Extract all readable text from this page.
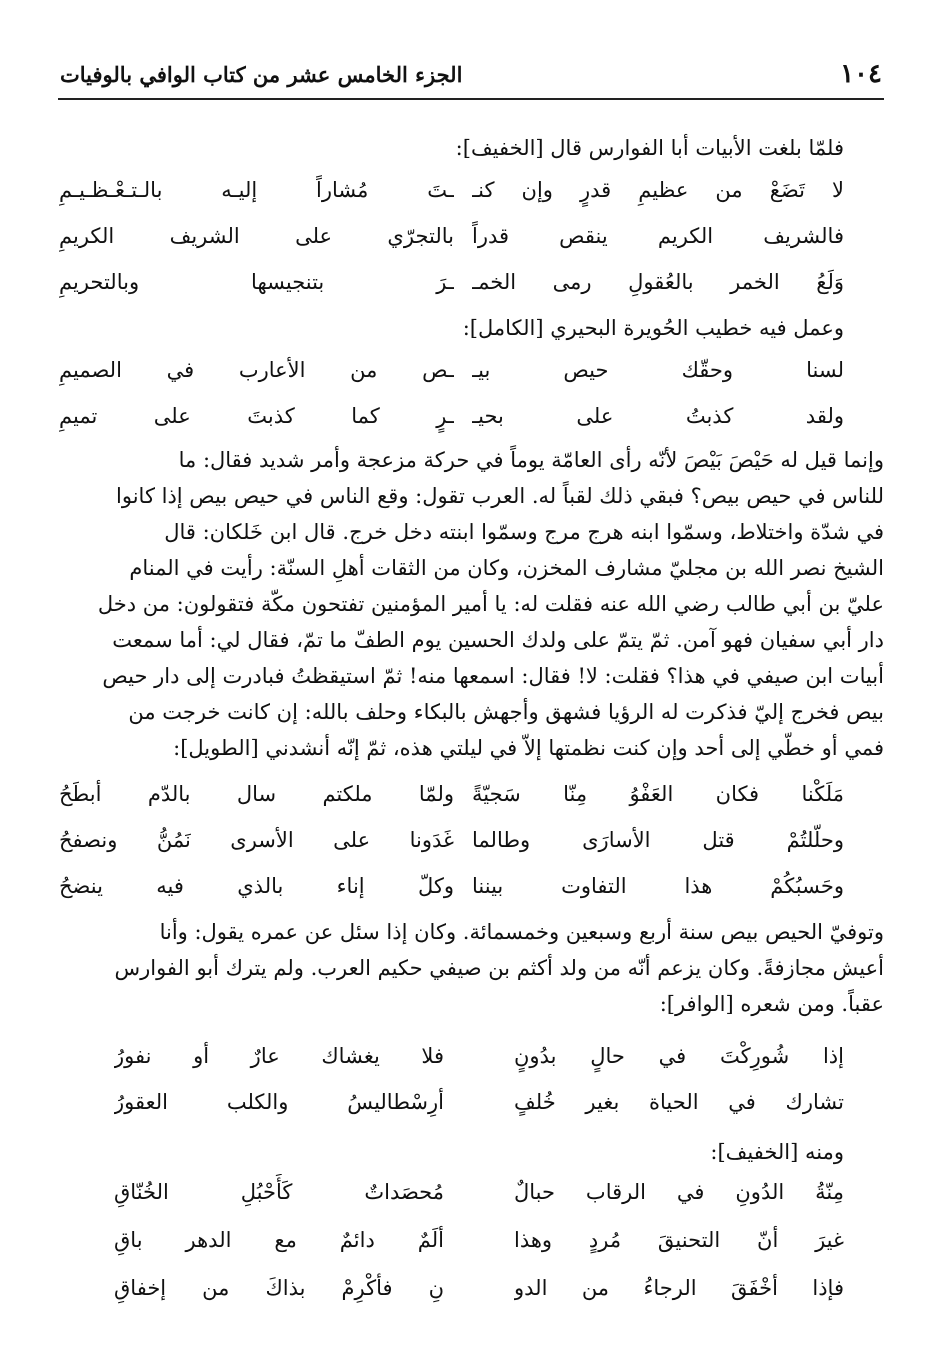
١٠٤
الجزء الخامس عشر من كتاب الوافي بالوفيات
فلمّا بلغت الأبيات أبا الفوارس قال [الخفيف]:
لا تَضَعْ من عظيمِ قدرٍ وإن كنـ
ـتَ مُشاراً إليـه بالـتـعْـظـيـمِ
فالشريف الكريم ينقص قدراً
بالتجرّي على الشريف الكريمِ
وَلَعُ الخمر بالعُقولِ رمى الخمـ
ـرَ بتنجيسها وبالتحريمِ
وعمل فيه خطيب الحُويرة البحيري [الكامل]:
لسنا وحقّك حيص بيـ
ـص من الأعارب في الصميمِ
ولقد كذبتُ على بحيـ
ـرٍ كما كذبتَ على تميمِ
وإنما قيل له حَيْصَ بَيْصَ لأنّه رأى العامّة يوماً في حركة مزعجة وأمر شديد فقال: ما
للناس في حيص بيص؟ فبقي ذلك لقباً له. العرب تقول: وقع الناس في حيص بيص إذا كانوا
في شدّة واختلاط، وسمّوا ابنه هرج مرج وسمّوا ابنته دخل خرج. قال ابن خَلكان: قال
الشيخ نصر الله بن مجليّ مشارف المخزن، وكان من الثقات أهلِ السنّة: رأيت في المنام
عليّ بن أبي طالب رضي الله عنه فقلت له: يا أمير المؤمنين تفتحون مكّة فتقولون: من دخل
دار أبي سفيان فهو آمن. ثمّ يتمّ على ولدك الحسين يوم الطفّ ما تمّ، فقال لي: أما سمعت
أبيات ابن صيفي في هذا؟ فقلت: لا! فقال: اسمعها منه! ثمّ استيقظتُ فبادرت إلى دار حيص
بيص فخرج إليّ فذكرت له الرؤيا فشهق وأجهش بالبكاء وحلف بالله: إن كانت خرجت من
فمي أو خطّي إلى أحد وإن كنت نظمتها إلاّ في ليلتي هذه، ثمّ إنّه أنشدني [الطويل]:
مَلَكْنا فكان العَفْوُ مِنّا سَجيّةً
ولمّا ملكتم سال بالدّم أبطَحُ
وحلّلتُمْ قتل الأسارَى وطالما
غَدَونا على الأسرى نَمُنُّ ونصفحُ
وحَسبُكُمْ هذا التفاوت بيننا
وكلّ إناء بالذي فيه ينضحُ
وتوفيّ الحيص بيص سنة أربع وسبعين وخمسمائة. وكان إذا سئل عن عمره يقول: وأنا
أعيش مجازفةً. وكان يزعم أنّه من ولد أكثم بن صيفي حكيم العرب. ولم يترك أبو الفوارس
عقباً. ومن شعره [الوافر]:
إذا شُورِكْتَ في حالٍ بدُونٍ
فلا يغشاك عارٌ أو نفورُ
تشارك في الحياة بغير خُلفٍ
أرِسْطاليسُ والكلب العقورُ
ومنه [الخفيف]:
مِنّةُ الدُونِ في الرقاب حبالٌ
مُحصَداتٌ كَأَحْبُلِ الخُنّاقِ
غيرَ أنّ التحنيقَ مُردٍ وهذا
ألَمٌ دائمٌ مع الدهر باقِ
فإذا أخْفَقَ الرجاءُ من الدو
نِ فأكْرِمْ بذاكَ من إخفاقِ
